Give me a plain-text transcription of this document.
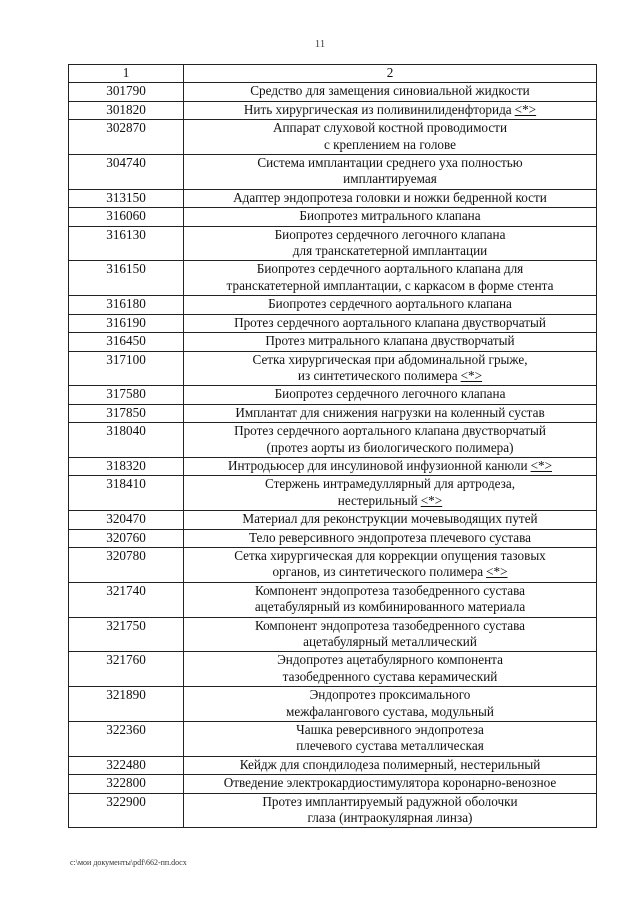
11
1	2
301790	Средство для замещения синовиальной жидкости

301820	Нить хирургическая из поливинилиденфторида <*>

302870	Аппарат слуховой костной проводимости
с креплением на голове

304740	Система имплантации среднего уха полностью
имплантируемая

313150	Адаптер эндопротеза головки и ножки бедренной кости

316060	Биопротез митрального клапана

316130	Биопротез сердечного легочного клапана
для транскатетерной имплантации

316150	Биопротез сердечного аортального клапана для
транскатетерной имплантации, с каркасом в форме стента

316180	Биопротез сердечного аортального клапана

316190	Протез сердечного аортального клапана двустворчатый

316450	Протез митрального клапана двустворчатый

317100	Сетка хирургическая при абдоминальной грыже,
из синтетического полимера <*>

317580	Биопротез сердечного легочного клапана

317850	Имплантат для снижения нагрузки на коленный сустав

318040	Протез сердечного аортального клапана двустворчатый
(протез аорты из биологического полимера)

318320	Интродьюсер для инсулиновой инфузионной канюли <*>

318410	Стержень интрамедуллярный для артродеза,
нестерильный <*>

320470	Материал для реконструкции мочевыводящих путей

320760	Тело реверсивного эндопротеза плечевого сустава

320780	Сетка хирургическая для коррекции опущения тазовых
органов, из синтетического полимера <*>

321740	Компонент эндопротеза тазобедренного сустава
ацетабулярный из комбинированного материала

321750	Компонент эндопротеза тазобедренного сустава
ацетабулярный металлический

321760	Эндопротез ацетабулярного компонента
тазобедренного сустава керамический

321890	Эндопротез проксимального
межфалангового сустава, модульный

322360	Чашка реверсивного эндопротеза
плечевого сустава металлическая

322480	Кейдж для спондилодеза полимерный, нестерильный

322800	Отведение электрокардиостимулятора коронарно-венозное

322900	Протез имплантируемый радужной оболочки
глаза (интраокулярная линза)
c:\мои документы\pdf\662-пп.docx
